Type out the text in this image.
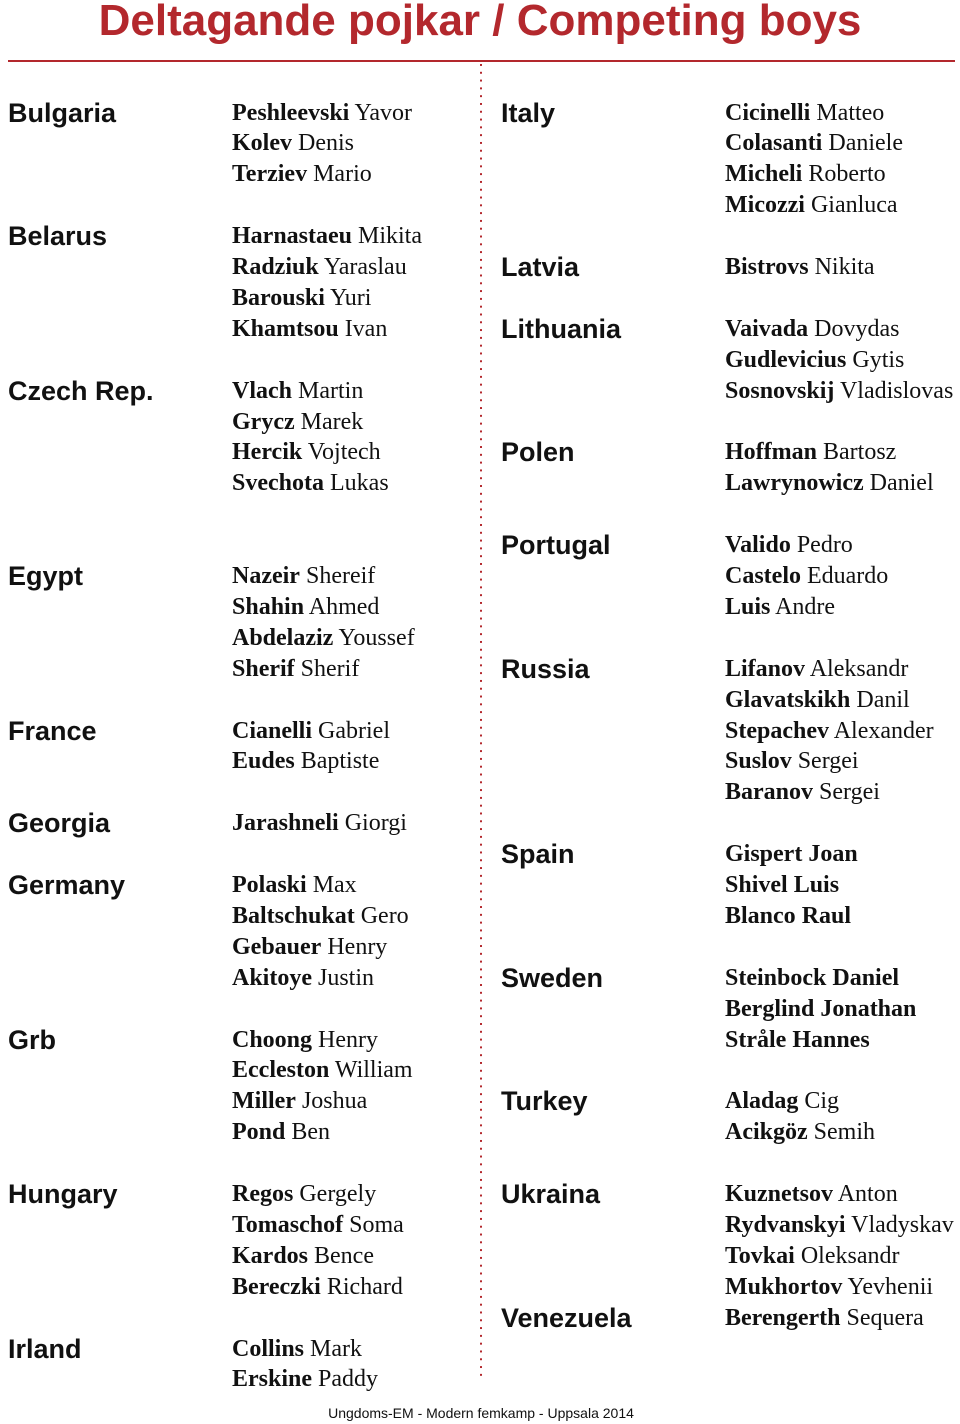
Deltagande pojkar / Competing boys
Bulgaria	Peshleevski Yavor
Kolev Denis
Terziev Mario
Belarus	Harnastaeu Mikita
Radziuk Yaraslau
Barouski Yuri
Khamtsou Ivan
Czech Rep.	Vlach Martin
Grycz Marek
Hercik Vojtech
Svechota Lukas
Egypt	Nazeir Shereif
Shahin Ahmed
Abdelaziz Youssef
Sherif Sherif
France	Cianelli Gabriel
Eudes Baptiste
Georgia	Jarashneli Giorgi
Germany	Polaski Max
Baltschukat Gero
Gebauer Henry
Akitoye Justin
Grb	Choong Henry
Eccleston William
Miller Joshua
Pond Ben
Hungary	Regos Gergely
Tomaschof Soma
Kardos Bence
Bereczki Richard
Irland	Collins Mark
Erskine Paddy
Italy	Cicinelli Matteo
Colasanti Daniele
Micheli Roberto
Micozzi Gianluca
Latvia	Bistrovs Nikita
Lithuania	Vaivada Dovydas
Gudlevicius Gytis
Sosnovskij Vladislovas
Polen	Hoffman Bartosz
Lawrynowicz Daniel
Portugal	Valido Pedro
Castelo Eduardo
Luis Andre
Russia	Lifanov Aleksandr
Glavatskikh Danil
Stepachev Alexander
Suslov Sergei
Baranov Sergei
Spain	Gispert Joan
Shivel Luis
Blanco Raul
Sweden	Steinbock Daniel
Berglind Jonathan
Stråle Hannes
Turkey	Aladag Cig
Acikgöz Semih
Ukraina	Kuznetsov Anton
Rydvanskyi Vladyskav
Tovkai Oleksandr
Mukhortov Yevhenii
Venezuela	Berengerth Sequera
Ungdoms-EM - Modern femkamp - Uppsala 2014
